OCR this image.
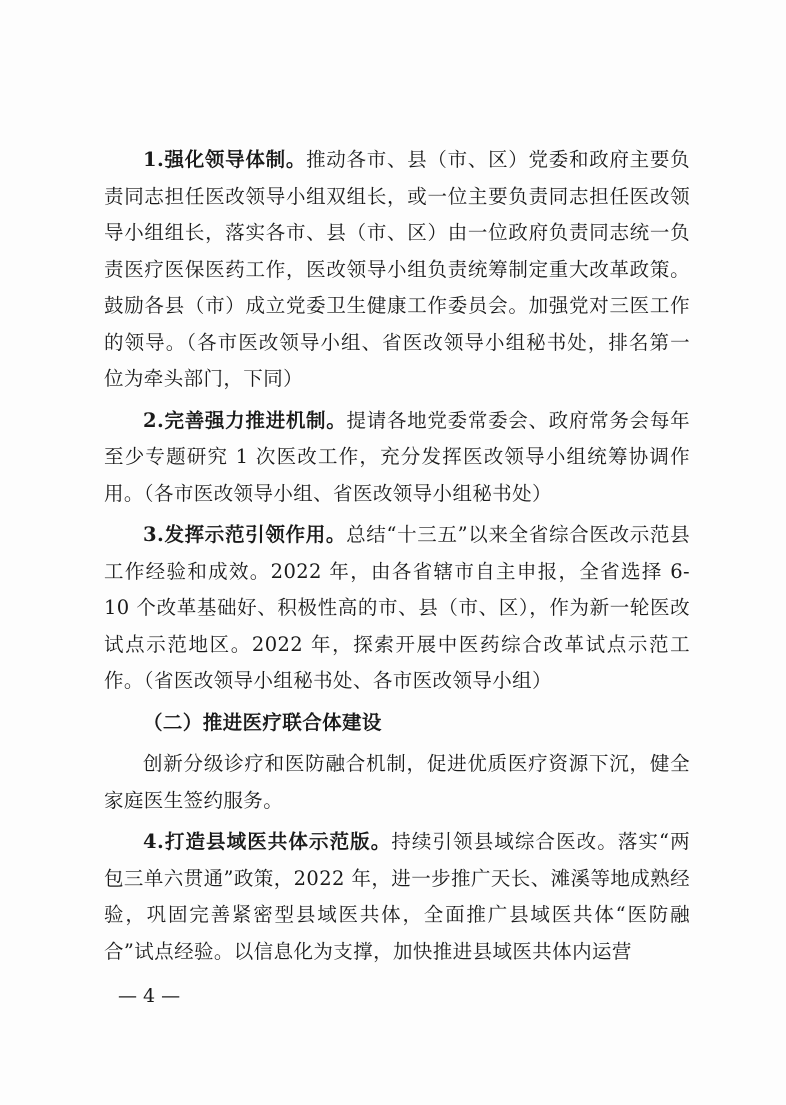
1.强化领导体制。推动各市、县（市、区）党委和政府主要负责同志担任医改领导小组双组长，或一位主要负责同志担任医改领导小组组长，落实各市、县（市、区）由一位政府负责同志统一负责医疗医保医药工作，医改领导小组负责统筹制定重大改革政策。鼓励各县（市）成立党委卫生健康工作委员会。加强党对三医工作的领导。（各市医改领导小组、省医改领导小组秘书处，排名第一位为牵头部门，下同）

2.完善强力推进机制。提请各地党委常委会、政府常务会每年至少专题研究 1 次医改工作，充分发挥医改领导小组统筹协调作用。（各市医改领导小组、省医改领导小组秘书处）

3.发挥示范引领作用。总结“十三五”以来全省综合医改示范县工作经验和成效。2022 年，由各省辖市自主申报，全省选择 6-10 个改革基础好、积极性高的市、县（市、区），作为新一轮医改试点示范地区。2022 年，探索开展中医药综合改革试点示范工作。（省医改领导小组秘书处、各市医改领导小组）

（二）推进医疗联合体建设

创新分级诊疗和医防融合机制，促进优质医疗资源下沉，健全家庭医生签约服务。

4.打造县域医共体示范版。持续引领县域综合医改。落实“两包三单六贯通”政策，2022 年，进一步推广天长、滩溪等地成熟经验，巩固完善紧密型县域医共体，全面推广县域医共体“医防融合”试点经验。以信息化为支撑，加快推进县域医共体内运营

— 4 —
